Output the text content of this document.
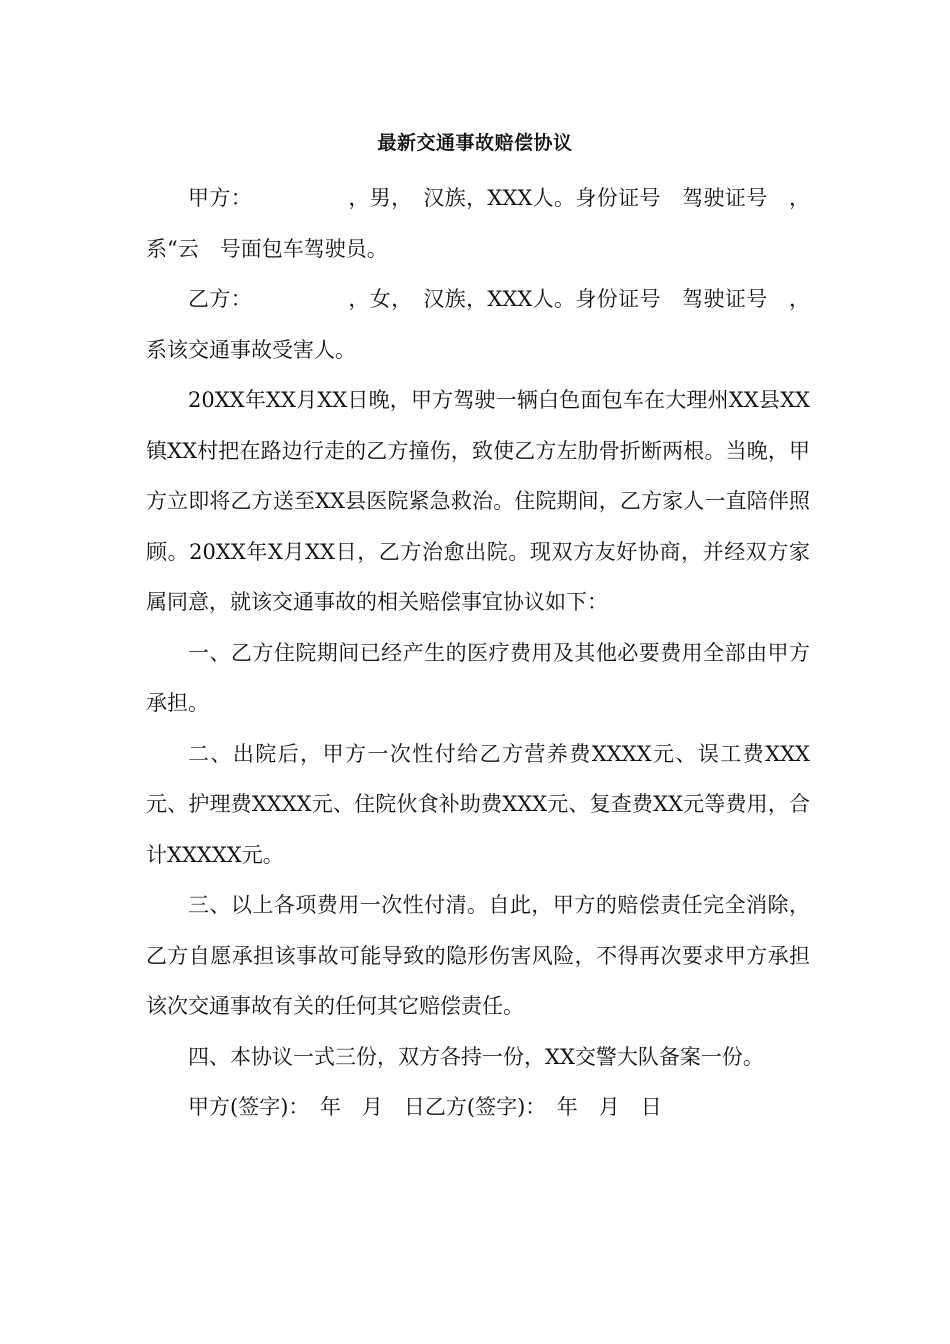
最新交通事故赔偿协议

甲方：　　　　　，男，　汉族，XXX人。身份证号　驾驶证号　，系“云　号面包车驾驶员。

乙方：　　　　　，女，　汉族，XXX人。身份证号　驾驶证号　，系该交通事故受害人。

20XX年XX月XX日晚，甲方驾驶一辆白色面包车在大理州XX县XX镇XX村把在路边行走的乙方撞伤，致使乙方左肋骨折断两根。当晚，甲方立即将乙方送至XX县医院紧急救治。住院期间，乙方家人一直陪伴照顾。20XX年X月XX日，乙方治愈出院。现双方友好协商，并经双方家属同意，就该交通事故的相关赔偿事宜协议如下：

一、乙方住院期间已经产生的医疗费用及其他必要费用全部由甲方承担。

二、出院后，甲方一次性付给乙方营养费XXXX元、误工费XXX元、护理费XXXX元、住院伙食补助费XXX元、复查费XX元等费用，合计XXXXX元。

三、以上各项费用一次性付清。自此，甲方的赔偿责任完全消除，乙方自愿承担该事故可能导致的隐形伤害风险，不得再次要求甲方承担该次交通事故有关的任何其它赔偿责任。

四、本协议一式三份，双方各持一份，XX交警大队备案一份。

甲方(签字)：　年　月　日乙方(签字)：　年　月　日
